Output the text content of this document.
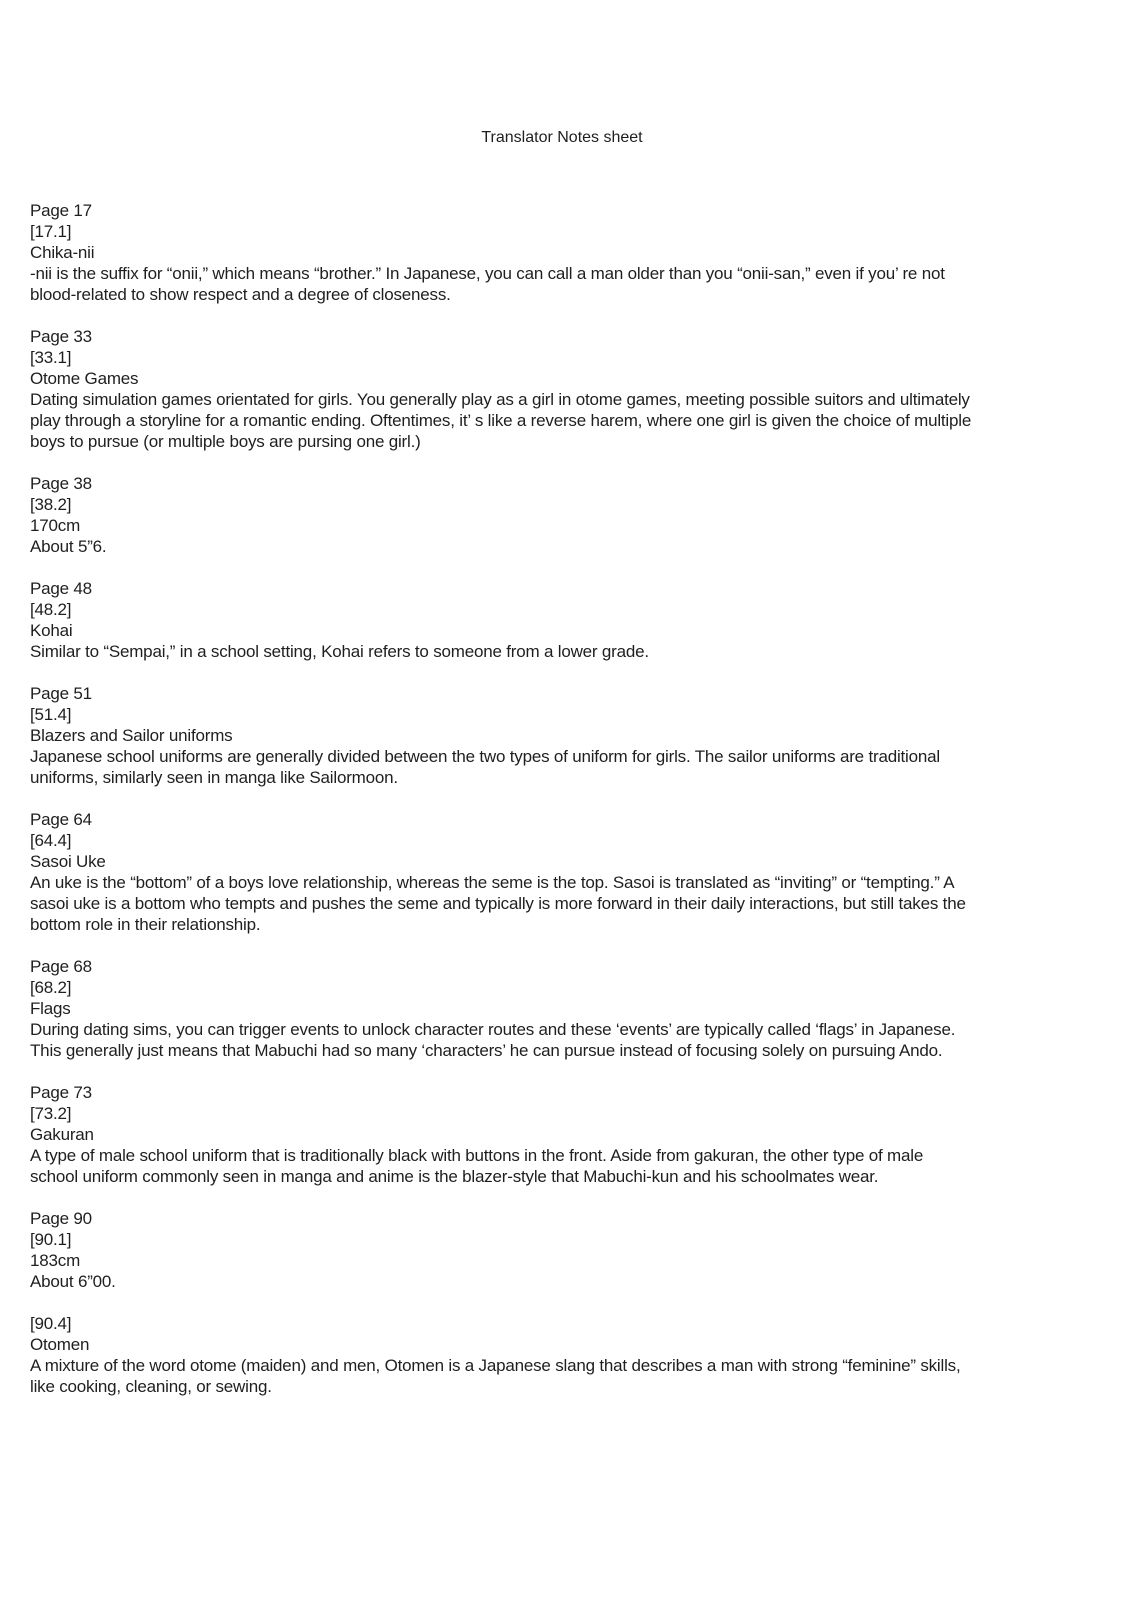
Translator Notes sheet
Page 17
[17.1]
Chika-nii
-nii is the suffix for “onii,” which means “brother.” In Japanese, you can call a man older than you “onii-san,” even if you’ re not
blood-related to show respect and a degree of closeness.
Page 33
[33.1]
Otome Games
Dating simulation games orientated for girls. You generally play as a girl in otome games, meeting possible suitors and ultimately
play through a storyline for a romantic ending. Oftentimes, it’ s like a reverse harem, where one girl is given the choice of multiple
boys to pursue (or multiple boys are pursing one girl.)
Page 38
[38.2]
170cm
About 5”6.
Page 48
[48.2]
Kohai
Similar to “Sempai,” in a school setting, Kohai refers to someone from a lower grade.
Page 51
[51.4]
Blazers and Sailor uniforms
Japanese school uniforms are generally divided between the two types of uniform for girls. The sailor uniforms are traditional
uniforms, similarly seen in manga like Sailormoon.
Page 64
[64.4]
Sasoi Uke
An uke is the “bottom” of a boys love relationship, whereas the seme is the top. Sasoi is translated as “inviting” or “tempting.” A
sasoi uke is a bottom who tempts and pushes the seme and typically is more forward in their daily interactions, but still takes the
bottom role in their relationship.
Page 68
[68.2]
Flags
During dating sims, you can trigger events to unlock character routes and these ‘events’ are typically called ‘flags’ in Japanese.
This generally just means that Mabuchi had so many ‘characters’ he can pursue instead of focusing solely on pursuing Ando.
Page 73
[73.2]
Gakuran
A type of male school uniform that is traditionally black with buttons in the front. Aside from gakuran, the other type of male
school uniform commonly seen in manga and anime is the blazer-style that Mabuchi-kun and his schoolmates wear.
Page 90
[90.1]
183cm
About 6”00.
[90.4]
Otomen
A mixture of the word otome (maiden) and men, Otomen is a Japanese slang that describes a man with strong “feminine” skills,
like cooking, cleaning, or sewing.
